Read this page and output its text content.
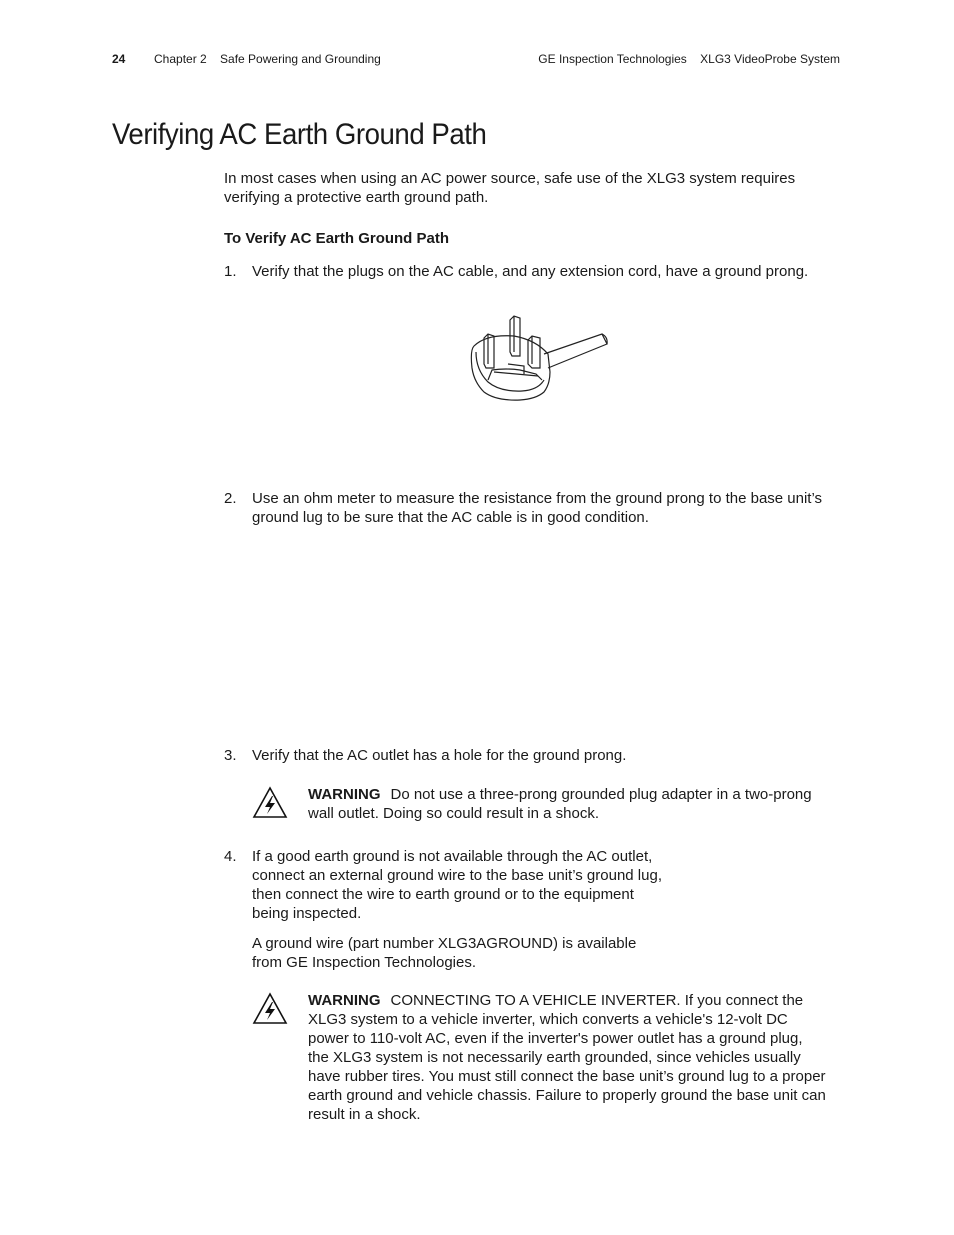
24 Chapter 2    Safe Powering and Grounding	GE Inspection Technologies    XLG3 VideoProbe System
Verifying AC Earth Ground Path
In most cases when using an AC power source, safe use of the XLG3 system requires
verifying a protective earth ground path.
To Verify AC Earth Ground Path
1. Verify that the plugs on the AC cable, and any extension cord, have a ground prong.
2. Use an ohm meter to measure the resistance from the ground prong to the base unit’s
ground lug to be sure that the AC cable is in good condition.
3. Verify that the AC outlet has a hole for the ground prong.
WARNING Do not use a three-prong grounded plug adapter in a two-prong
wall outlet. Doing so could result in a shock.
4. If a good earth ground is not available through the AC outlet,
connect an external ground wire to the base unit’s ground lug,
then connect the wire to earth ground or to the equipment
being inspected.
A ground wire (part number XLG3AGROUND) is available
from GE Inspection Technologies.
WARNING CONNECTING TO A VEHICLE INVERTER. If you connect the
XLG3 system to a vehicle inverter, which converts a vehicle's 12-volt DC
power to 110-volt AC, even if the inverter's power outlet has a ground plug,
the XLG3 system is not necessarily earth grounded, since vehicles usually
have rubber tires. You must still connect the base unit’s ground lug to a proper
earth ground and vehicle chassis. Failure to properly ground the base unit can
result in a shock.
